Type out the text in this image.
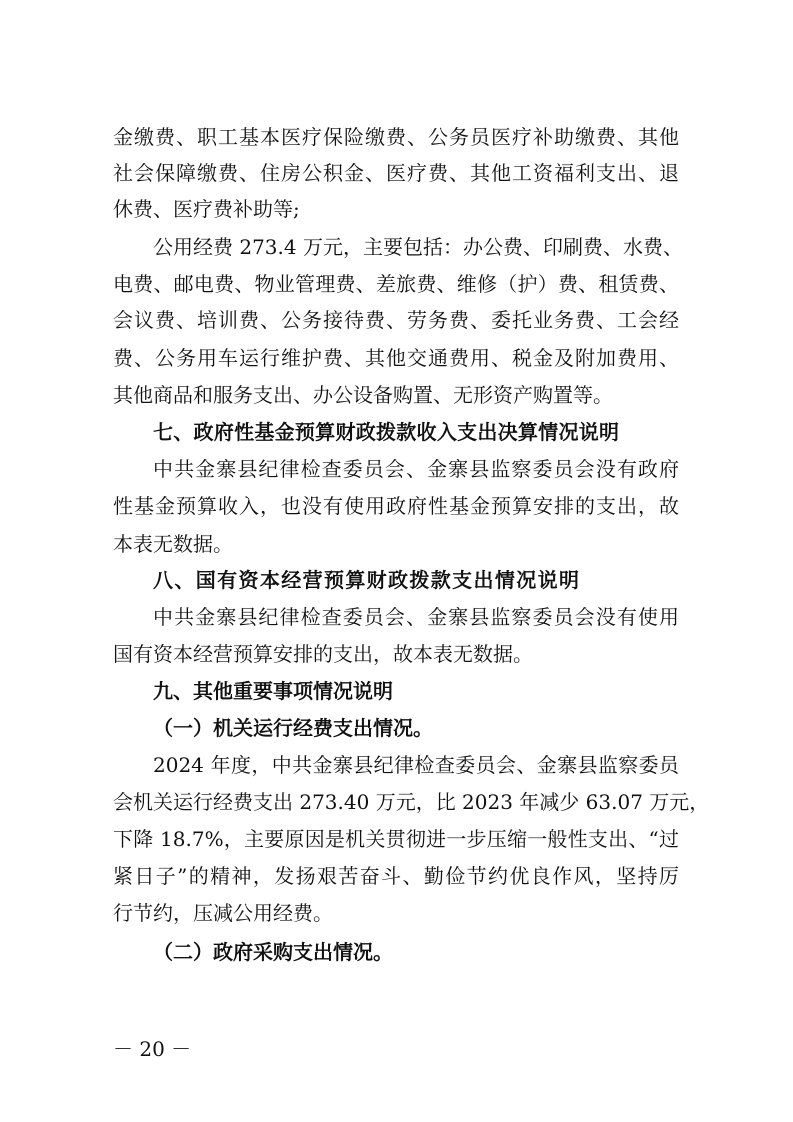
金缴费、职工基本医疗保险缴费、公务员医疗补助缴费、其他
社会保障缴费、住房公积金、医疗费、其他工资福利支出、退
休费、医疗费补助等;
公用经费 273.4 万元，主要包括：办公费、印刷费、水费、
电费、邮电费、物业管理费、差旅费、维修（护）费、租赁费、
会议费、培训费、公务接待费、劳务费、委托业务费、工会经
费、公务用车运行维护费、其他交通费用、税金及附加费用、
其他商品和服务支出、办公设备购置、无形资产购置等。
七、政府性基金预算财政拨款收入支出决算情况说明
中共金寨县纪律检查委员会、金寨县监察委员会没有政府
性基金预算收入，也没有使用政府性基金预算安排的支出，故
本表无数据。
八、国有资本经营预算财政拨款支出情况说明
中共金寨县纪律检查委员会、金寨县监察委员会没有使用
国有资本经营预算安排的支出，故本表无数据。
九、其他重要事项情况说明
（一）机关运行经费支出情况。
2024 年度，中共金寨县纪律检查委员会、金寨县监察委员
会机关运行经费支出 273.40 万元，比 2023 年减少 63.07 万元，
下降 18.7%，主要原因是机关贯彻进一步压缩一般性支出、“过
紧日子”的精神，发扬艰苦奋斗、勤俭节约优良作风，坚持厉
行节约，压减公用经费。
（二）政府采购支出情况。
－ 20 －
